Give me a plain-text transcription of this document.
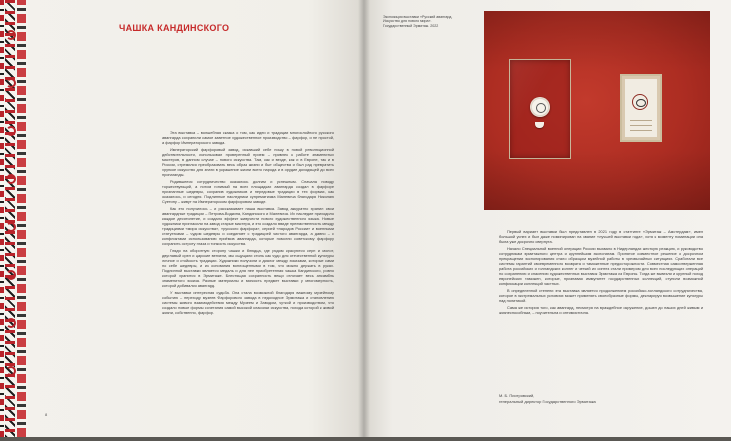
ЧАШКА КАНДИНСКОГО

Эта выставка – волшебная сказка о том, как идеи и традиции многослойного русского авангарда сохранили самое заветное художественное производство – фарфор, и не простой, а фарфор Императорского завода.

Императорский фарфоровый завод, искавший себе нишу в новой революционной действительности, использовал проверенный прием – привлек к работе знаменитых мастеров, в данном случае – нового искусства. Там, как и везде, как и в Европе, так и в России, стремился преобразовать весь образ жизни и быт общества и был рад превратить хрупкое искусство для знати в украшение жизни всего народа и в орудие доходящей до всех пропаганды.

Родившееся сотрудничество оказалось долгим и успешным. Сначала поводу торжествующий, а потом гонимый на всех площадках авангарда создал в фарфоре признанные шедевры, сохранив художников и передовые традиции в тех формах, как оказалось, и сегодня. Подлинные наследники супрематизма Малевича благодаря Николаю Суетину – живут на Императорском фарфоровом заводе.

Как это получилось – и рассказывает наша выставка. Завод аккуратно хранил свои авангардные традиции – Петрова-Водкина, Кандинского и Малевича. Их наследие приходило каждое десятилетие, и создало эффект живучести нового художественного языка. Новые художники пригласили на завод старые мастера, и это создало ввиде преемственность между традициями «мира искусства», «русского фарфора», серией «народов России» и военными статуэтками – чудом шедевры и соединяет с традицией чистого авангарда, а давно – с конфликтами использованию приёмов авангарда, которые помогли советскому фарфору сохранить остроту глаза и тонкость искусства.

Глядя на оборотную сторону чашки и блюдца, где рядом красуются серп и молот, двуглавый орел и царские вензели, мы ощущали стиль как чудо для отечественной культуры личное и стойкость традиции. Художники получили и диалог между эскизами, которые сами по себе шедевры, и из основания воплощенными в том, что можно держать в руках. Подлинной выставки является медаль и для нее приобретенная чашка Кандинского, ровно которой хранится в Эрмитаже. Блестящая сохранность вещи отличает весь ансамбль знаменитого эскиза. Разные материалы и мягкость предмет выставки у многомерность, которой добивался авангард.

У выставки интересная судьба. Она стала возможной благодаря важному музейному событию – переходу музеев Фарфорового завода в недоходное Эрмитажа и становлению системы живого взаимодействия между Музеем и Заводом, чуткой и производством, что создало новые формы сочетания самой высокой классики искусства, похода которой к живой жизни, собственно, фарфор.

8
Экспозиция выставки «Русский авангард. Искусство для нового мира». Государственный Эрмитаж. 2022

Первый вариант выставки был представлен в 2021 году в статтинге «Эрмитаж – Амстердам», имел большой успех и был даже номинирован на звание «лучшей выставки года», хотя к моменту номинации она была уже досрочно свернута.

Начало Специальной военной операции России вызвало в Нидерландах жесткую реакцию, и руководство сотрудникам эрмитажного центра и крупнейшим экспонатам. Принятое совместное решение о досрочном прекращении экспонирования стало образцом музейной работы в чрезвычайных ситуациях. Сработали все системы гарантий своевременного возврата и таможенные предосторожности. Совместная самоотверженная работа российских и голландских коллег и четкий их синтез стали примером для всех последующих операций по сохранению и спасению художественных выставок Эрмитажа из Европы. Тогда же вывезли и крупный поход европейских таможен, которые, признавая иммунитет государственных коллекций, ступили возможной конфискации коллекций частных.

В определенной степени эта выставка является продолжением российско-голландского сотрудничества, которое в экстремальных условиях может применять своеобразные формы, декларируя возвышение культуры над политикой.

Сама же история того, как авангард, несмотря на враждебное окружение, дошел до наших дней живым и жизнеспособным, – поучительна и оптимистична.

М. Б. Пиотровский,
генеральный директор Государственного Эрмитажа
